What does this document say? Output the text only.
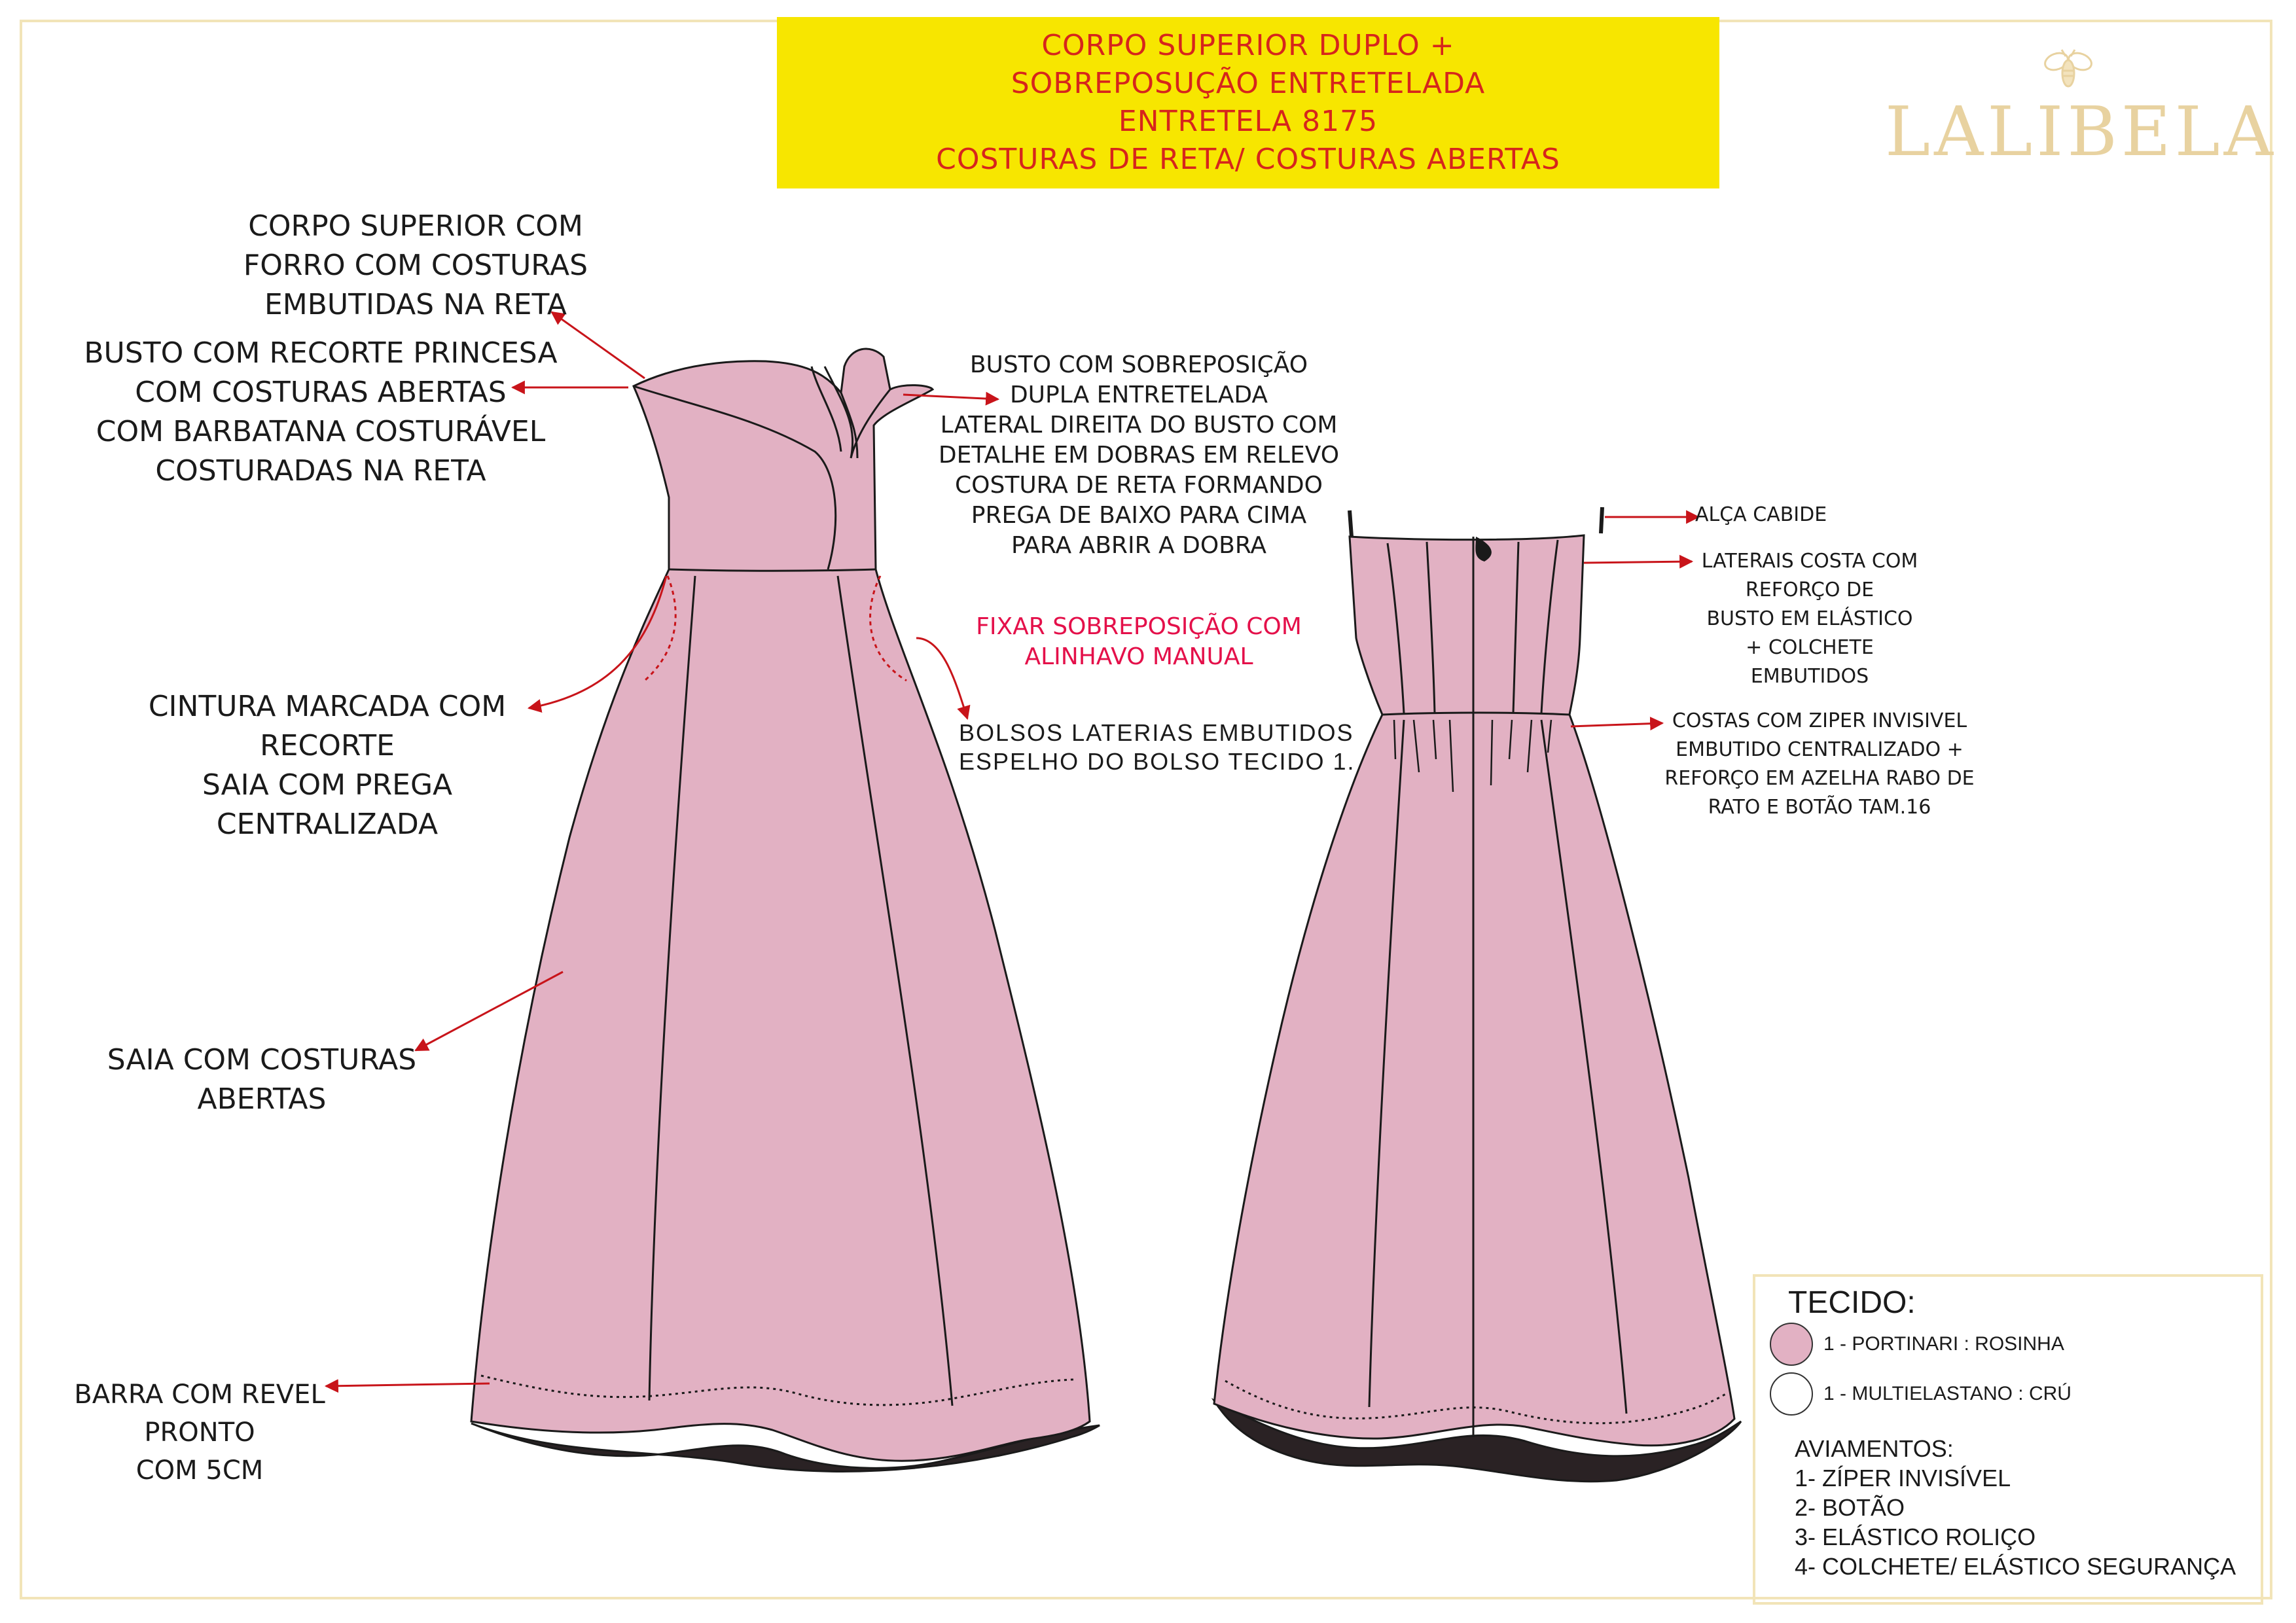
CORPO SUPERIOR DUPLO +
SOBREPOSUÇÃO ENTRETELADA
ENTRETELA 8175
COSTURAS DE RETA/ COSTURAS ABERTAS	LALIBELA
CORPO SUPERIOR COM
FORRO COM COSTURAS
EMBUTIDAS NA RETA
BUSTO COM RECORTE PRINCESA
COM COSTURAS ABERTAS
COM BARBATANA COSTURÁVEL
COSTURADAS NA RETA
CINTURA MARCADA COM
RECORTE
SAIA COM PREGA
CENTRALIZADA
SAIA COM COSTURAS
ABERTAS
BARRA COM REVEL
PRONTO
COM 5CM
BUSTO COM SOBREPOSIÇÃO
DUPLA ENTRETELADA
LATERAL DIREITA DO BUSTO COM
DETALHE EM DOBRAS EM RELEVO
COSTURA DE RETA FORMANDO
PREGA DE BAIXO PARA CIMA
PARA ABRIR A DOBRA
FIXAR SOBREPOSIÇÃO COM
ALINHAVO MANUAL
BOLSOS LATERIAS EMBUTIDOS
ESPELHO DO BOLSO TECIDO 1.
ALÇA CABIDE
LATERAIS COSTA COM
REFORÇO DE
BUSTO EM ELÁSTICO
+ COLCHETE
EMBUTIDOS
COSTAS COM ZIPER INVISIVEL
EMBUTIDO CENTRALIZADO +
REFORÇO EM AZELHA RABO DE
RATO E BOTÃO TAM.16
TECIDO:
1 - PORTINARI : ROSINHA
1 - MULTIELASTANO : CRÚ
AVIAMENTOS:
1- ZÍPER INVISÍVEL
2- BOTÃO
3- ELÁSTICO ROLIÇO
4- COLCHETE/ ELÁSTICO SEGURANÇA
